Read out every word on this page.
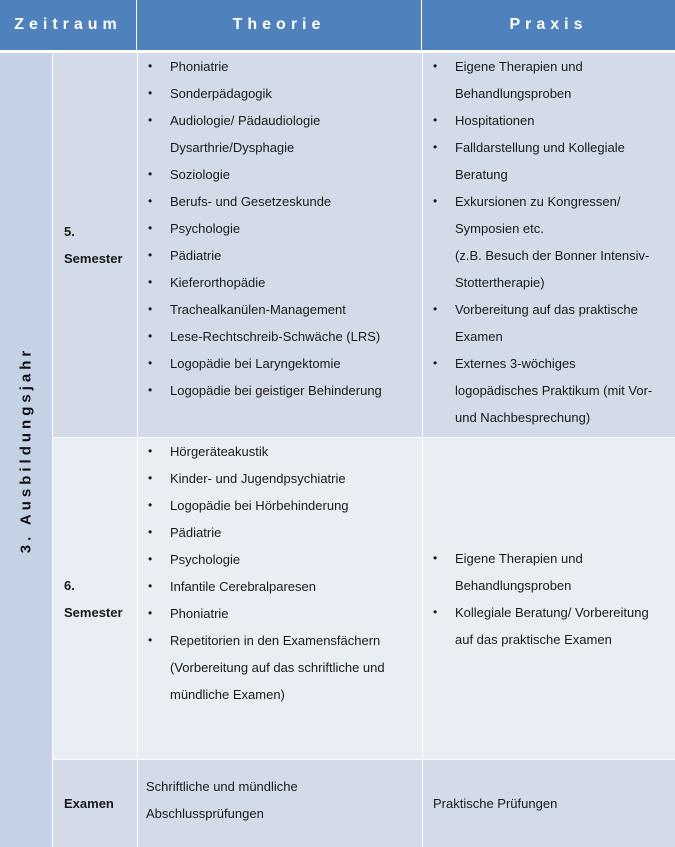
Zeitraum	Theorie	Praxis
3. Ausbildungsjahr
5.
Semester
• Phoniatrie
• Sonderpädagogik
• Audiologie/ Pädaudiologie
Dysarthrie/Dysphagie
• Soziologie
• Berufs- und Gesetzeskunde
• Psychologie
• Pädiatrie
• Kieferorthopädie
• Trachealkanülen-Management
• Lese-Rechtschreib-Schwäche (LRS)
• Logopädie bei Laryngektomie
• Logopädie bei geistiger Behinderung
• Eigene Therapien und
Behandlungsproben
• Hospitationen
• Falldarstellung und Kollegiale
Beratung
• Exkursionen zu Kongressen/
Symposien etc.
(z.B. Besuch der Bonner Intensiv-
Stottertherapie)
• Vorbereitung auf das praktische
Examen
• Externes 3-wöchiges
logopädisches Praktikum (mit Vor-
und Nachbesprechung)
6.
Semester
• Hörgeräteakustik
• Kinder- und Jugendpsychiatrie
• Logopädie bei Hörbehinderung
• Pädiatrie
• Psychologie
• Infantile Cerebralparesen
• Phoniatrie
• Repetitorien in den Examensfächern
(Vorbereitung auf das schriftliche und
mündliche Examen)
• Eigene Therapien und
Behandlungsproben
• Kollegiale Beratung/ Vorbereitung
auf das praktische Examen
Examen
Schriftliche und mündliche
Abschlussprüfungen
Praktische Prüfungen
